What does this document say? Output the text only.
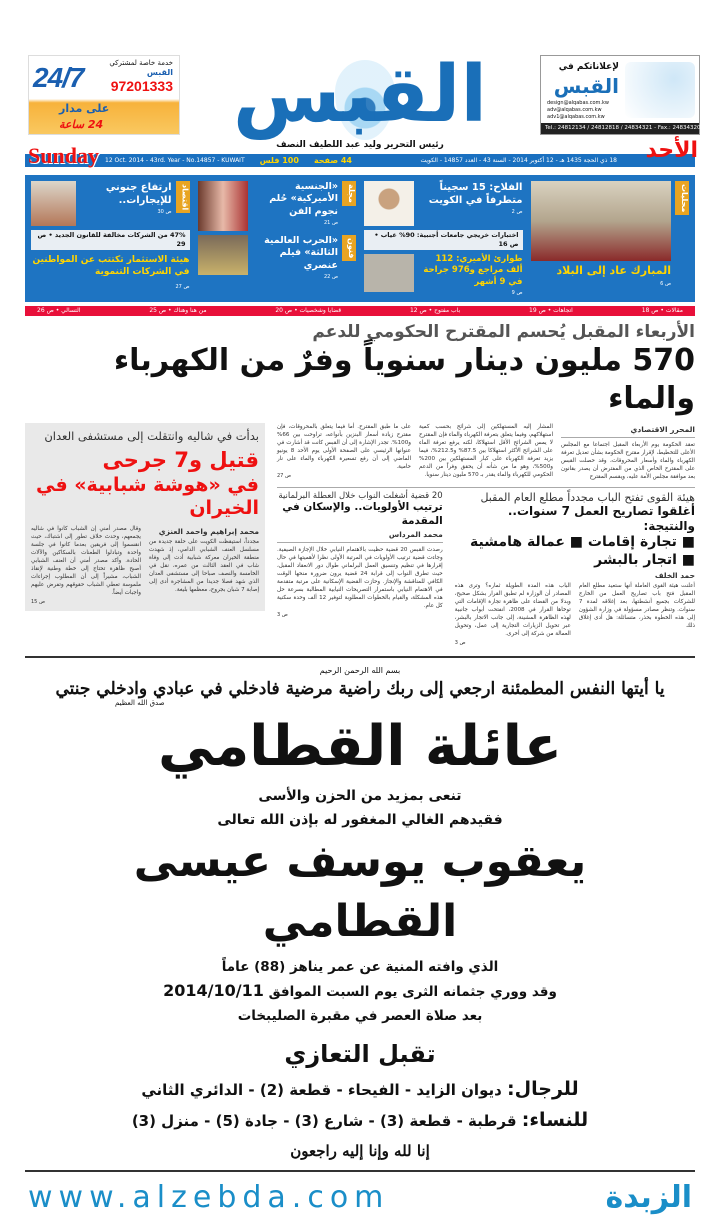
24/7	خدمة خاصة لمشتركي
القبس
97201333
على مدار
24 ساعة القبس
رئيس التحرير وليد عبد اللطيف النصف
لإعلاناتكم في
القبس
design@alqabas.com.kw
adv@alqabas.com.kw
adv1@alqabas.com.kw
Tel.: 24812134 / 24812818 / 24834321 - Fax.: 24834320
12 Oct. 2014 - 43rd. Year - No.14857 - KUWAIT 100 فلس 44 صفحة	18 ذي الحجة 1435 هـ - 12 أكتوبر 2014 - السنة 43 - العدد 14857 - الكويت
Sunday	الأحد
محليات
المبارك عاد إلى البلاد
ص 6
الفلاح: 15 سجيناً متطرفاً في الكويت
ص 2
اختبارات خريجي جامعات أجنبية: 90% غياب • ص 16
طوارئ الأميري: 112 ألف مراجع و976 جراحة في 9 أشهر
ص 9
مجلة
«الجنسية الأميركية» حُلم نجوم الفن
ص 21
فنون
«الحرب العالمية الثالثة» فيلم عنصري
ص 22
اقتصاد
ارتفاع جنوني للإيجارات..
ص 30
47% من الشركات مخالفة للقانون الجديد • ص 29
هيئة الاستثمار تكتتب عن المواطنين في الشركات التنموية
ص 27
مقالات • ص 18
اتجاهات • ص 19
باب مفتوح • ص 12
قضايا وشخصيات • ص 20
من هنا وهناك • ص 25
التسالي • ص 26
الأربعاء المقبل يُحسم المقترح الحكومي للدعم
570 مليون دينار سنوياً وفرٌ من الكهرباء والماء
المحرر الاقتصادي
تعقد الحكومة يوم الأربعاء المقبل اجتماعا مع المجلس الأعلى للتخطيط، لإقرار مقترح الحكومة بشأن تعديل تعرفة الكهرباء والماء وأسعار المحروقات، وقد حصلت القبس على المقترح الخاص الذي من المفترض أن يصدر بقانون بعد موافقة مجلس الأمة عليه، ويقسم المقترح
المشار إليه المستهلكين إلى شرائح بحسب كمية استهلاكهم، وفيما يتعلق بتعرفة الكهرباء والماء فإن المقترح لا يمس الشرائح الأقل استهلاكا، لكنه يرفع تعرفة الماء على الشرائح الأكثر استهلاكا بين 87.5% و212.5%، فيما يزيد تعرفة الكهرباء على كبار المستهلكين بين 200% و500%، وهو ما من شأنه أن يحقق وفراً من الدعم الحكومي للكهرباء والماء يقدر بـ 570 مليون دينار سنويا.
على ما طبق المقترح. أما فيما يتعلق بالمحروقات، فإن مقترح زيادة أسعار البنزين بأنواعه، تراوحت بين 66% و100%. تجدر الإشارة إلى أن القبس كانت قد أشارت في عنوانها الرئيسي على الصفحة الأولى يوم الأحد 8 يونيو الماضي إلى أن رفع تسعيرة الكهرباء والماء على نار حامية.
ص 27
هيئة القوى تفتح الباب مجدداً مطلع العام المقبل
أغلقوا تصاريح العمل 7 سنوات.. والنتيجة:
■ تجارة إقامات ■ عمالة هامشية ■ اتجار بالبشر
حمد الخلف
أعلنت هيئة القوى العاملة أنها ستعيد مطلع العام المقبل فتح باب تصاريح العمل من الخارج للشركات بجميع أنشطتها، بعد إغلاقه لمدة 7 سنوات. وتنظر مصادر مسؤولة في وزارة الشؤون إلى هذه الخطوة بحذر، متسائلة: هل أدى إغلاق ذلك
الباب هذه المدة الطويلة ثماره؟ وترى هذه المصادر أن الوزارة لم تطبق القرار بشكل صحيح، وبدلا من القضاء على ظاهرة تجارة الإقامات التي توخاها القرار في 2008، انفتحت أبواب جانبية لهذه الظاهرة المشينة، إلى جانب الاتجار بالبشر، عبر تحويل الزيارات التجارية إلى عمل، وتحويل العمالة من شركة إلى أخرى.
ص 3
20 قضية أشغلت النواب خلال العطلة البرلمانية
ترتيب الأولويات.. والإسكان في المقدمة
محمد المرداس
رصدت القبس 20 قضية حظيت بالاهتمام النيابي خلال الإجازة الصيفية. وجاءت قضية ترتيب الأولويات في المرتبة الأولى نظرا لأهميتها في حال إقرارها في تنظيم وتنسيق العمل البرلماني طوال دور الانعقاد المقبل، حيث تطرق النواب إلى قرابة 24 قضية يرون ضرورة منحها الوقت الكافي للمناقشة والإنجاز. وحازت القضية الإسكانية على مرتبة متقدمة في الاهتمام النيابي باستمرار التصريحات النيابية المطالبة بسرعة حل هذه المشكلة، والقيام بالخطوات المطلوبة لتوفير 12 ألف وحدة سكنية كل عام.
ص 3
بدأت في شاليه وانتقلت إلى مستشفى العدان
قتيل و7 جرحى
في «هوشة شبابية» في الخيران
محمد إبراهيم واحمد العنزي
مجدداً، استيقظت الكويت على حلقة جديدة من مسلسل العنف الشبابي الدامي، إذ شهدت منطقة الخيران معركة شبابية أدت إلى وفاة شاب في العقد الثالث من عمره، نقل في الخامسة والنصف صباحا إلى مستشفى العدان الذي شهد فصلا جديدا من المشاجرة أدى إلى إصابة 7 شبان بجروح، معظمها بليغة.
وقال مصدر أمني إن الشباب كانوا في شاليه يجمعهم، وحدث خلاف تطور إلى اشتباك، حيث انقسموا إلى فريقين بعدما كانوا في جلسة واحدة وتبادلوا الطعنات بالسكاكين والآلات الحادة. وأكد مصدر أمني أن العنف الشبابي أصبح ظاهرة تحتاج إلى خطة وطنية لإنقاذ الشباب، مشيراً إلى أن المطلوب إجراءات ملموسة تعطي الشباب حقوقهم وتفرض عليهم واجبات أيضاً.
ص 15
بسم الله الرحمن الرحيم
يا أيتها النفس المطمئنة ارجعي إلى ربك راضية مرضية فادخلي في عبادي وادخلي جنتي
صدق الله العظيم
عائلة القطامي
تنعى بمزيد من الحزن والأسى
فقيدهم الغالي المغفور له بإذن الله تعالى
يعقوب يوسف عيسى القطامي
الذي وافته المنية عن عمر يناهز (88) عاماً
وقد ووري جثمانه الثرى يوم السبت الموافق 2014/10/11
بعد صلاة العصر في مقبرة الصليبخات
تقبل التعازي
للرجال: ديوان الزايد - الفيحاء - قطعة (2) - الدائري الثاني
للنساء: قرطبة - قطعة (3) - شارع (3) - جادة (5) - منزل (3)
إنا لله وإنا إليه راجعون
www.alzebda.com	الزبدة
